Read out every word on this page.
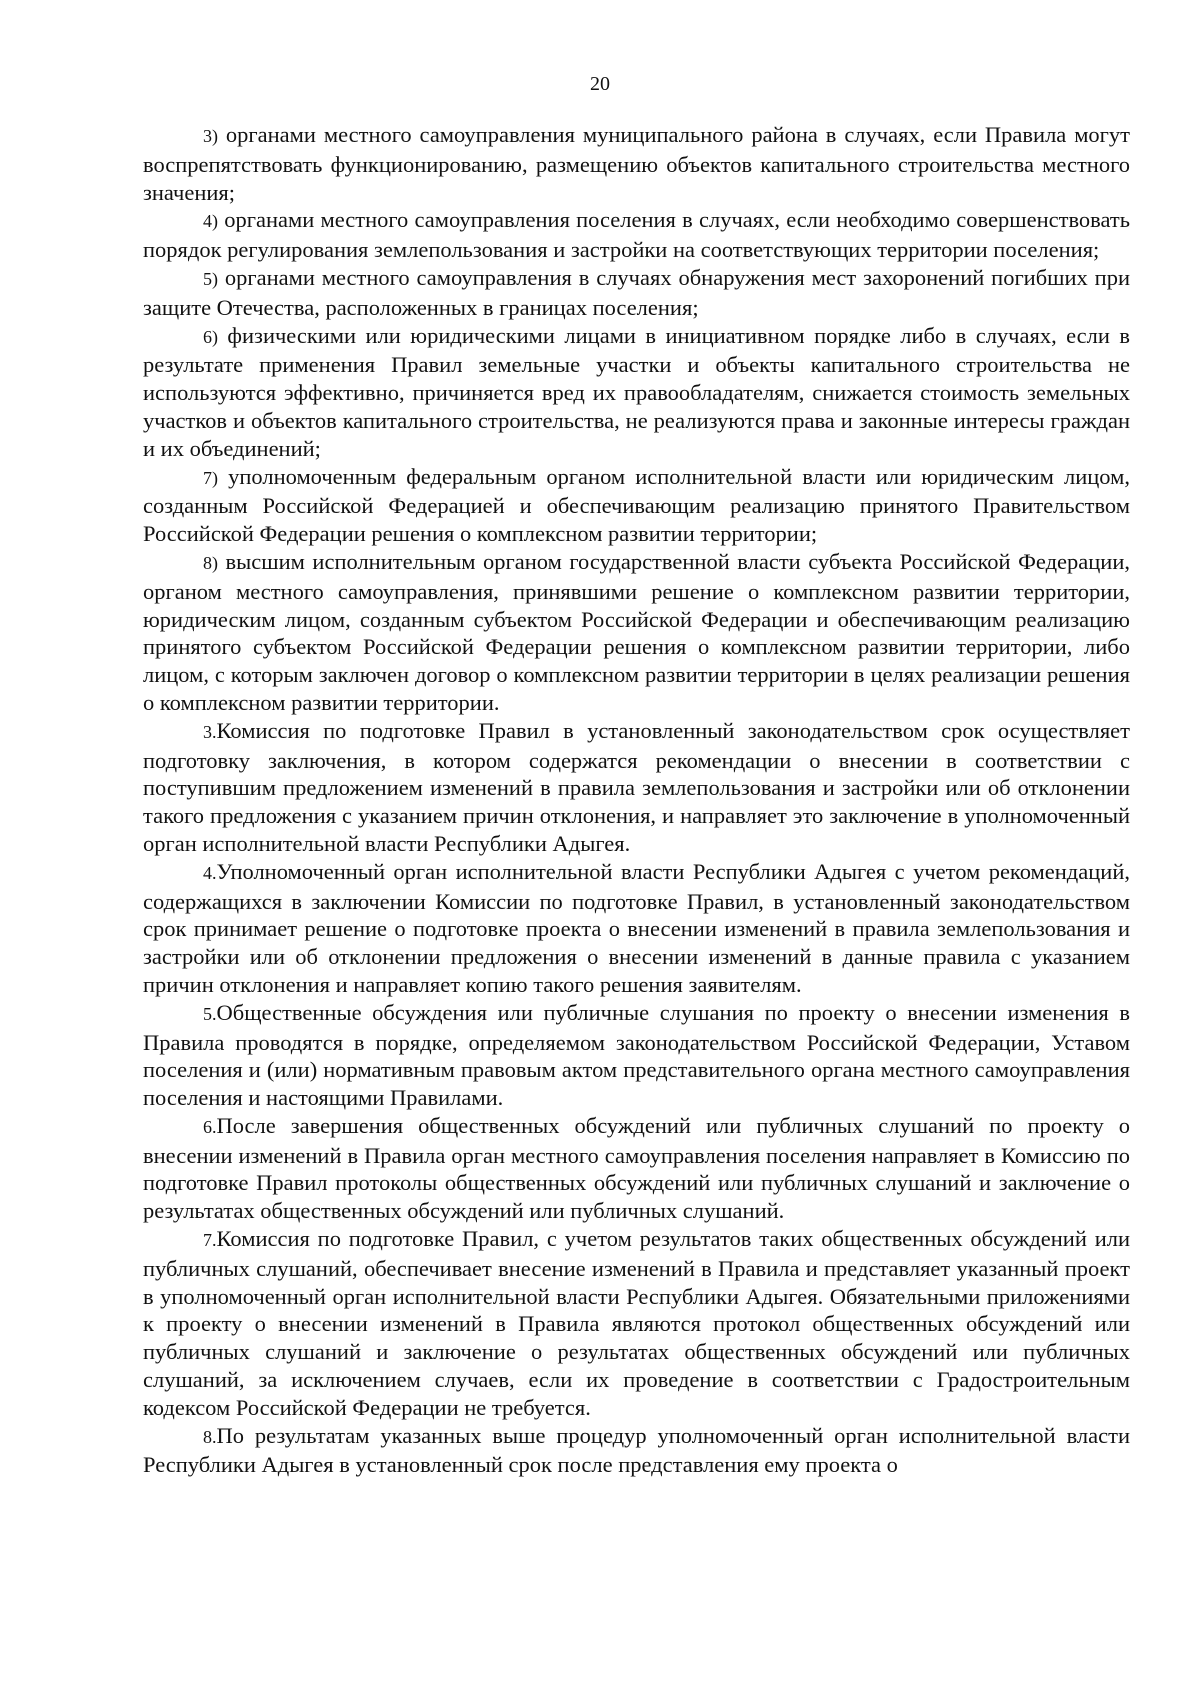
20

3) органами местного самоуправления муниципального района в случаях, если Правила могут воспрепятствовать функционированию, размещению объектов капитального строительства местного значения;

4) органами местного самоуправления поселения в случаях, если необходимо совершенствовать порядок регулирования землепользования и застройки на соответствующих территории поселения;

5) органами местного самоуправления в случаях обнаружения мест захоронений погибших при защите Отечества, расположенных в границах поселения;

6) физическими или юридическими лицами в инициативном порядке либо в случаях, если в результате применения Правил земельные участки и объекты капитального строительства не используются эффективно, причиняется вред их правообладателям, снижается стоимость земельных участков и объектов капитального строительства, не реализуются права и законные интересы граждан и их объединений;

7) уполномоченным федеральным органом исполнительной власти или юридическим лицом, созданным Российской Федерацией и обеспечивающим реализацию принятого Правительством Российской Федерации решения о комплексном развитии территории;

8) высшим исполнительным органом государственной власти субъекта Российской Федерации, органом местного самоуправления, принявшими решение о комплексном развитии территории, юридическим лицом, созданным субъектом Российской Федерации и обеспечивающим реализацию принятого субъектом Российской Федерации решения о комплексном развитии территории, либо лицом, с которым заключен договор о комплексном развитии территории в целях реализации решения о комплексном развитии территории.

3.Комиссия по подготовке Правил в установленный законодательством срок осуществляет подготовку заключения, в котором содержатся рекомендации о внесении в соответствии с поступившим предложением изменений в правила землепользования и застройки или об отклонении такого предложения с указанием причин отклонения, и направляет это заключение в уполномоченный орган исполнительной власти Республики Адыгея.

4.Уполномоченный орган исполнительной власти Республики Адыгея с учетом рекомендаций, содержащихся в заключении Комиссии по подготовке Правил, в установленный законодательством срок принимает решение о подготовке проекта о внесении изменений в правила землепользования и застройки или об отклонении предложения о внесении изменений в данные правила с указанием причин отклонения и направляет копию такого решения заявителям.

5.Общественные обсуждения или публичные слушания по проекту о внесении изменения в Правила проводятся в порядке, определяемом законодательством Российской Федерации, Уставом поселения и (или) нормативным правовым актом представительного органа местного самоуправления поселения и настоящими Правилами.

6.После завершения общественных обсуждений или публичных слушаний по проекту о внесении изменений в Правила орган местного самоуправления поселения направляет в Комиссию по подготовке Правил протоколы общественных обсуждений или публичных слушаний и заключение о результатах общественных обсуждений или публичных слушаний.

7.Комиссия по подготовке Правил, с учетом результатов таких общественных обсуждений или публичных слушаний, обеспечивает внесение изменений в Правила и представляет указанный проект в уполномоченный орган исполнительной власти Республики Адыгея. Обязательными приложениями к проекту о внесении изменений в Правила являются протокол общественных обсуждений или публичных слушаний и заключение о результатах общественных обсуждений или публичных слушаний, за исключением случаев, если их проведение в соответствии с Градостроительным кодексом Российской Федерации не требуется.

8.По результатам указанных выше процедур уполномоченный орган исполнительной власти Республики Адыгея в установленный срок после представления ему проекта о
